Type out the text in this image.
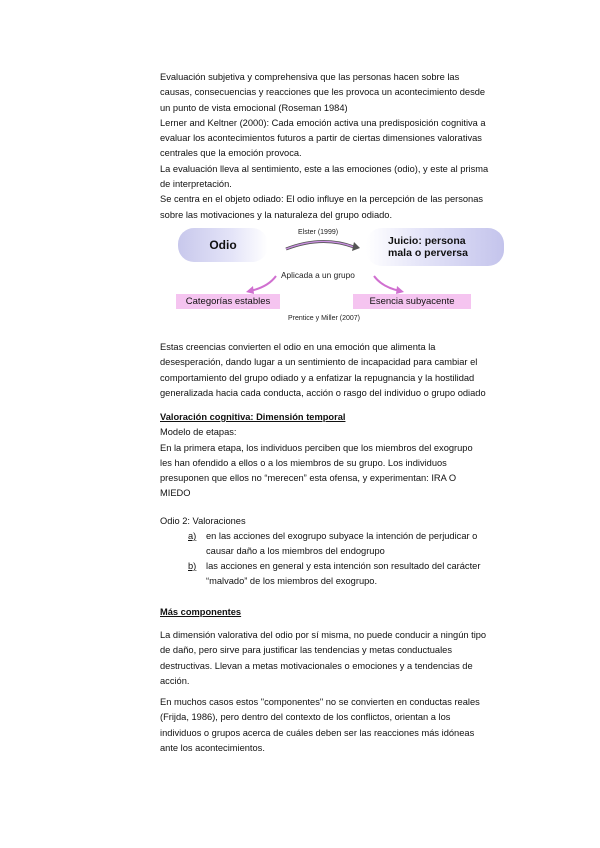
Evaluación subjetiva y comprehensiva que las personas hacen sobre las
causas, consecuencias y reacciones que les provoca un acontecimiento desde
un punto de vista emocional (Roseman 1984)
Lerner and Keltner (2000): Cada emoción activa una predisposición cognitiva a
evaluar los acontecimientos futuros a partir de ciertas dimensiones valorativas
centrales que la emoción provoca.
La evaluación lleva al sentimiento, este a las emociones (odio), y este al prisma
de interpretación.
Se centra en el objeto odiado: El odio influye en la percepción de las personas
sobre las motivaciones y la naturaleza del grupo odiado.
Odio	Juicio: persona
mala o perversa
Elster (1999)
Aplicada a un grupo
Categorías estables	Esencia subyacente
Prentice y Miller (2007)
Estas creencias convierten el odio en una emoción que alimenta la
desesperación, dando lugar a un sentimiento de incapacidad para cambiar el
comportamiento del grupo odiado y a enfatizar la repugnancia y la hostilidad
generalizada hacia cada conducta, acción o rasgo del individuo o grupo odiado
Valoración cognitiva: Dimensión temporal
Modelo de etapas:
En la primera etapa, los individuos perciben que los miembros del exogrupo
les han ofendido a ellos o a los miembros de su grupo. Los individuos
presuponen que ellos no “merecen” esta ofensa, y experimentan: IRA O
MIEDO
Odio 2: Valoraciones
a) en las acciones del exogrupo subyace la intención de perjudicar o
causar daño a los miembros del endogrupo
b) las acciones en general y esta intención son resultado del carácter
“malvado” de los miembros del exogrupo.
Más componentes
La dimensión valorativa del odio por sí misma, no puede conducir a ningún tipo
de daño, pero sirve para justificar las tendencias y metas conductuales
destructivas. Llevan a metas motivacionales o emociones y a tendencias de
acción.
En muchos casos estos "componentes" no se convierten en conductas reales
(Frijda, 1986), pero dentro del contexto de los conflictos, orientan a los
individuos o grupos acerca de cuáles deben ser las reacciones más idóneas
ante los acontecimientos.
